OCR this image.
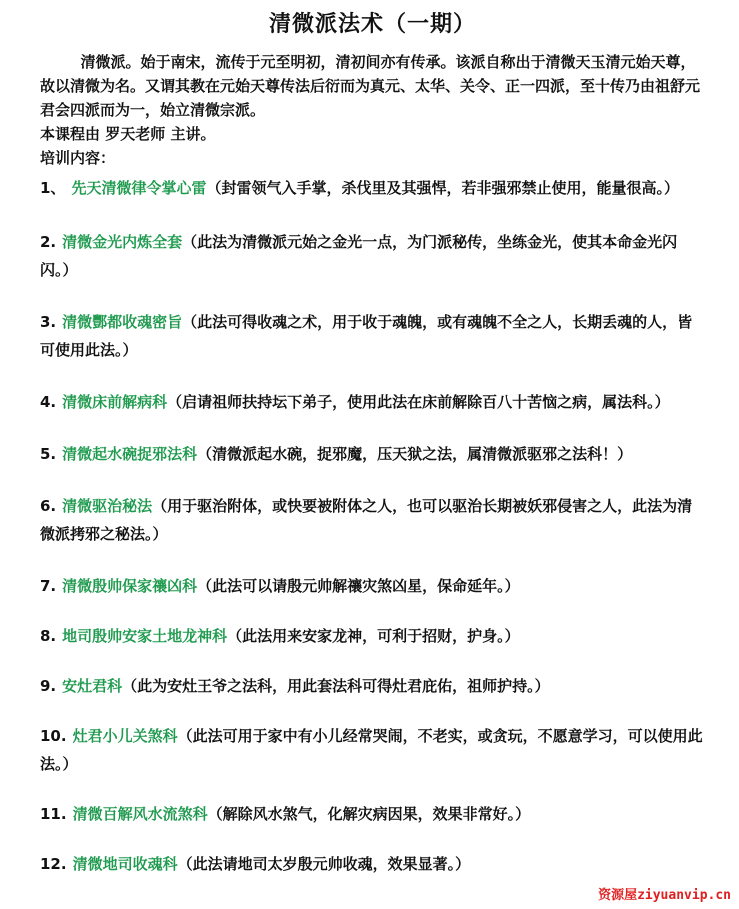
清微派法术（一期）

清微派。始于南宋，流传于元至明初，清初间亦有传承。该派自称出于清微天玉清元始天尊，故以清微为名。又谓其教在元始天尊传法后衍而为真元、太华、关令、正一四派，至十传乃由祖舒元君会四派而为一，始立清微宗派。

本课程由 罗天老师 主讲。

培训内容：

1、 先天清微律令掌心雷（封雷领气入手掌，杀伐里及其强悍，若非强邪禁止使用，能量很高。）

2. 清微金光内炼全套（此法为清微派元始之金光一点，为门派秘传，坐练金光，使其本命金光闪闪。）

3. 清微酆都收魂密旨（此法可得收魂之术，用于收于魂魄，或有魂魄不全之人，长期丢魂的人，皆可使用此法。）

4. 清微床前解病科（启请祖师扶持坛下弟子，使用此法在床前解除百八十苦恼之病，属法科。）

5. 清微起水碗捉邪法科（清微派起水碗，捉邪魔，压天狱之法，属清微派驱邪之法科！）

6. 清微驱治秘法（用于驱治附体，或快要被附体之人，也可以驱治长期被妖邪侵害之人，此法为清微派拷邪之秘法。）

7. 清微殷帅保家禳凶科（此法可以请殷元帅解禳灾煞凶星，保命延年。）

8. 地司殷帅安家土地龙神科（此法用来安家龙神，可利于招财，护身。）

9. 安灶君科（此为安灶王爷之法科，用此套法科可得灶君庇佑，祖师护持。）

10. 灶君小儿关煞科（此法可用于家中有小儿经常哭闹，不老实，或贪玩，不愿意学习，可以使用此法。）

11. 清微百解风水流煞科（解除风水煞气，化解灾病因果，效果非常好。）

12. 清微地司收魂科（此法请地司太岁殷元帅收魂，效果显著。）

资源屋ziyuanvip.cn
